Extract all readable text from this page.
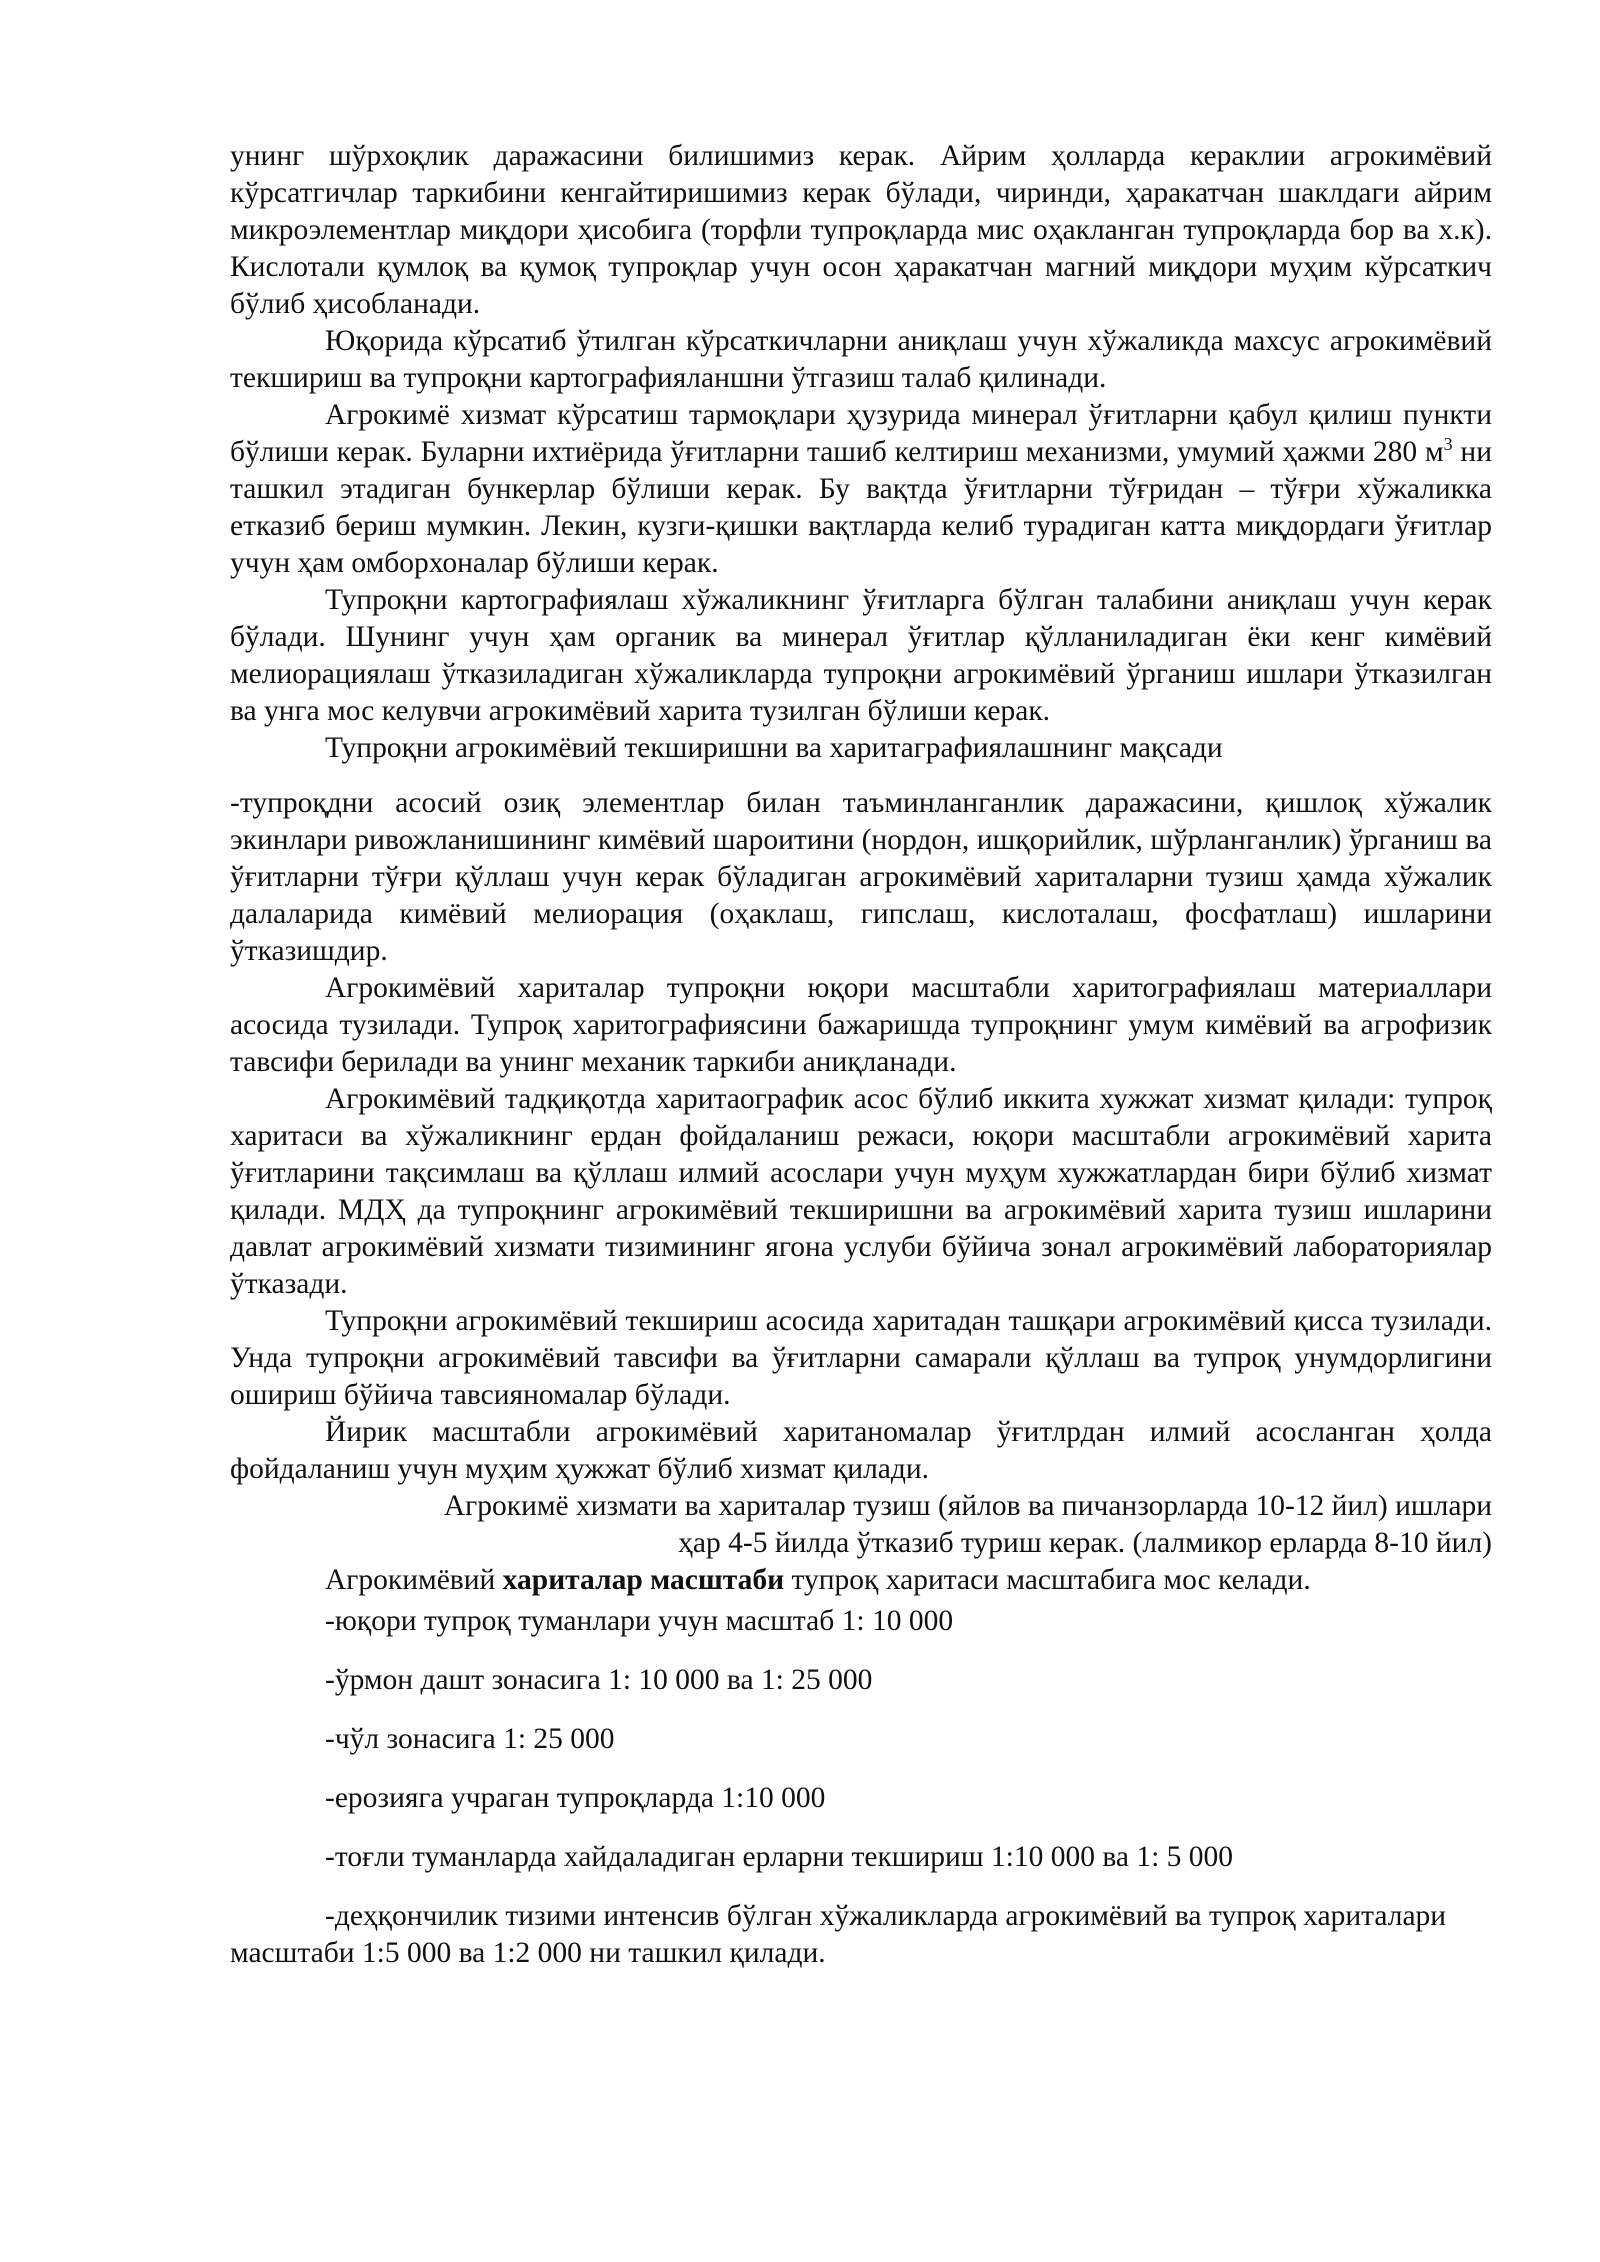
унинг шўрхоқлик даражасини билишимиз керак. Айрим ҳолларда кераклии агрокимёвий кўрсатгичлар таркибини кенгайтиришимиз керак бўлади, чиринди, ҳаракатчан шаклдаги айрим микроэлементлар миқдори ҳисобига (торфли тупроқларда мис оҳакланган тупроқларда бор ва х.к). Кислотали қумлоқ ва қумоқ тупроқлар учун осон ҳаракатчан магний миқдори муҳим кўрсаткич бўлиб ҳисобланади.

Юқорида кўрсатиб ўтилган кўрсаткичларни аниқлаш учун хўжаликда махсус агрокимёвий текшириш ва тупроқни картографияланшни ўтгазиш талаб қилинади.

Агрокимё хизмат кўрсатиш тармоқлари ҳузурида минерал ўғитларни қабул қилиш пункти бўлиши керак. Буларни ихтиёрида ўғитларни ташиб келтириш механизми, умумий ҳажми 280 $м^3$ ни ташкил этадиган бункерлар бўлиши керак. Бу вақтда ўғитларни тўғридан – тўғри хўжаликка етказиб бериш мумкин. Лекин, кузги-қишки вақтларда келиб турадиган катта миқдордаги ўғитлар учун ҳам омборхоналар бўлиши керак.

Тупроқни картографиялаш хўжаликнинг ўғитларга бўлган талабини аниқлаш учун керак бўлади. Шунинг учун ҳам органик ва минерал ўғитлар қўлланиладиган ёки кенг кимёвий мелиорациялаш ўтказиладиган хўжаликларда тупроқни агрокимёвий ўрганиш ишлари ўтказилган ва унга мос келувчи агрокимёвий харита тузилган бўлиши керак.

Тупроқни агрокимёвий текширишни ва харитаграфиялашнинг мақсади

-тупроқдни асосий озиқ элементлар билан таъминланганлик даражасини, қишлоқ хўжалик экинлари ривожланишининг кимёвий шароитини (нордон, ишқорийлик, шўрланганлик) ўрганиш ва ўғитларни тўғри қўллаш учун керак бўладиган агрокимёвий хариталарни тузиш ҳамда хўжалик далаларида кимёвий мелиорация (оҳаклаш, гипслаш, кислоталаш, фосфатлаш) ишларини ўтказишдир.

Агрокимёвий хариталар тупроқни юқори масштабли харитографиялаш материаллари асосида тузилади. Тупроқ харитографиясини бажаришда тупроқнинг умум кимёвий ва агрофизик тавсифи берилади ва унинг механик таркиби аниқланади.

Агрокимёвий тадқиқотда харитаографик асос бўлиб иккита хужжат хизмат қилади: тупроқ харитаси ва хўжаликнинг ердан фойдаланиш режаси, юқори масштабли агрокимёвий харита ўғитларини тақсимлаш ва қўллаш илмий асослари учун муҳум хужжатлардан бири бўлиб хизмат қилади. МДҲ да тупроқнинг агрокимёвий текширишни ва агрокимёвий харита тузиш ишларини давлат агрокимёвий хизмати тизимининг ягона услуби бўйича зонал агрокимёвий лабораториялар ўтказади.

Тупроқни агрокимёвий текшириш асосида харитадан ташқари агрокимёвий қисса тузилади. Унда тупроқни агрокимёвий тавсифи ва ўғитларни самарали қўллаш ва тупроқ унумдорлигини ошириш бўйича тавсияномалар бўлади.

Йирик масштабли агрокимёвий хаританомалар ўғитлрдан илмий асосланган ҳолда фойдаланиш учун муҳим ҳужжат бўлиб хизмат қилади.

Агрокимё хизмати ва хариталар тузиш (яйлов ва пичанзорларда 10-12 йил) ишлари

ҳар 4-5 йилда ўтказиб туриш керак. (лалмикор ерларда 8-10 йил)

Агрокимёвий хариталар масштаби тупроқ харитаси масштабига мос келади.

-юқори тупроқ туманлари учун масштаб 1: 10 000

-ўрмон дашт зонасига 1: 10 000 ва 1: 25 000

-чўл зонасига 1: 25 000

-ерозияга учраган тупроқларда 1:10 000

-тоғли туманларда хайдаладиган ерларни текшириш 1:10 000 ва 1: 5 000

-деҳқончилик тизими интенсив бўлган хўжаликларда агрокимёвий ва тупроқ хариталари масштаби 1:5 000 ва 1:2 000 ни ташкил қилади.
